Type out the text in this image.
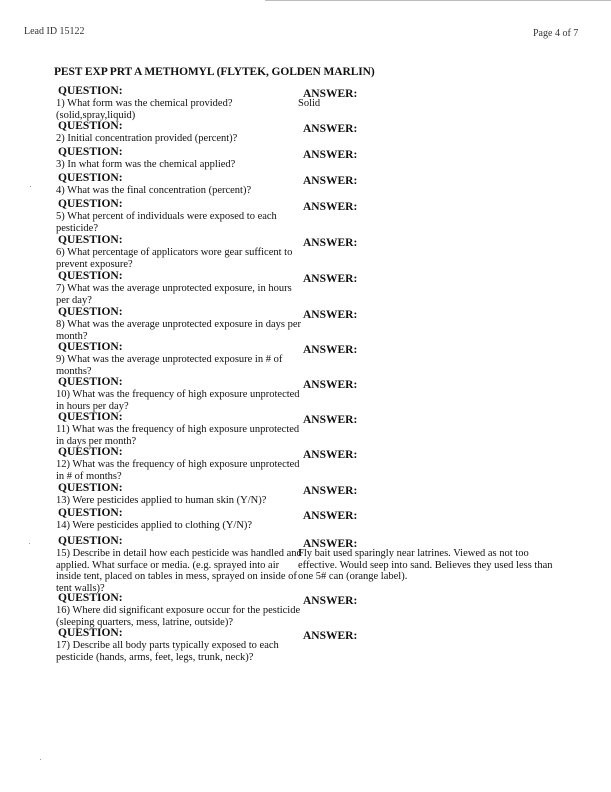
Lead ID 15122	Page 4 of 7
PEST EXP PRT A METHOMYL (FLYTEK, GOLDEN MARLIN)
QUESTION:	ANSWER:
1) What form was the chemical provided?(solid,spray,liquid)
Solid
QUESTION:	ANSWER:
2) Initial concentration provided (percent)?
QUESTION:	ANSWER:
3) In what form was the chemical applied?
QUESTION:	ANSWER:
4) What was the final concentration (percent)?
QUESTION:	ANSWER:
5) What percent of individuals were exposed to each pesticide?
QUESTION:	ANSWER:
6) What percentage of applicators wore gear sufficent to prevent exposure?
QUESTION:	ANSWER:
7) What was the average unprotected exposure, in hours per day?
QUESTION:	ANSWER:
8) What was the average unprotected exposure in days per month?
QUESTION:	ANSWER:
9) What was the average unprotected exposure in # of months?
QUESTION:	ANSWER:
10) What was the frequency of high exposure unprotected in hours per day?
QUESTION:	ANSWER:
11) What was the frequency of high exposure unprotected in days per month?
QUESTION:	ANSWER:
12) What was the frequency of high exposure unprotected in # of months?
QUESTION:	ANSWER:
13) Were pesticides applied to human skin (Y/N)?
QUESTION:	ANSWER:
14) Were pesticides applied to clothing (Y/N)?
QUESTION:	ANSWER:
15) Describe in detail how each pesticide was handled and applied. What surface or media. (e.g. sprayed into air inside tent, placed on tables in mess, sprayed on inside of tent walls)?
Fly bait used sparingly near latrines. Viewed as not too effective. Would seep into sand. Believes they used less than one 5# can (orange label).
QUESTION:	ANSWER:
16) Where did significant exposure occur for the pesticide (sleeping quarters, mess, latrine, outside)?
QUESTION:	ANSWER:
17) Describe all body parts typically exposed to each pesticide (hands, arms, feet, legs, trunk, neck)?
